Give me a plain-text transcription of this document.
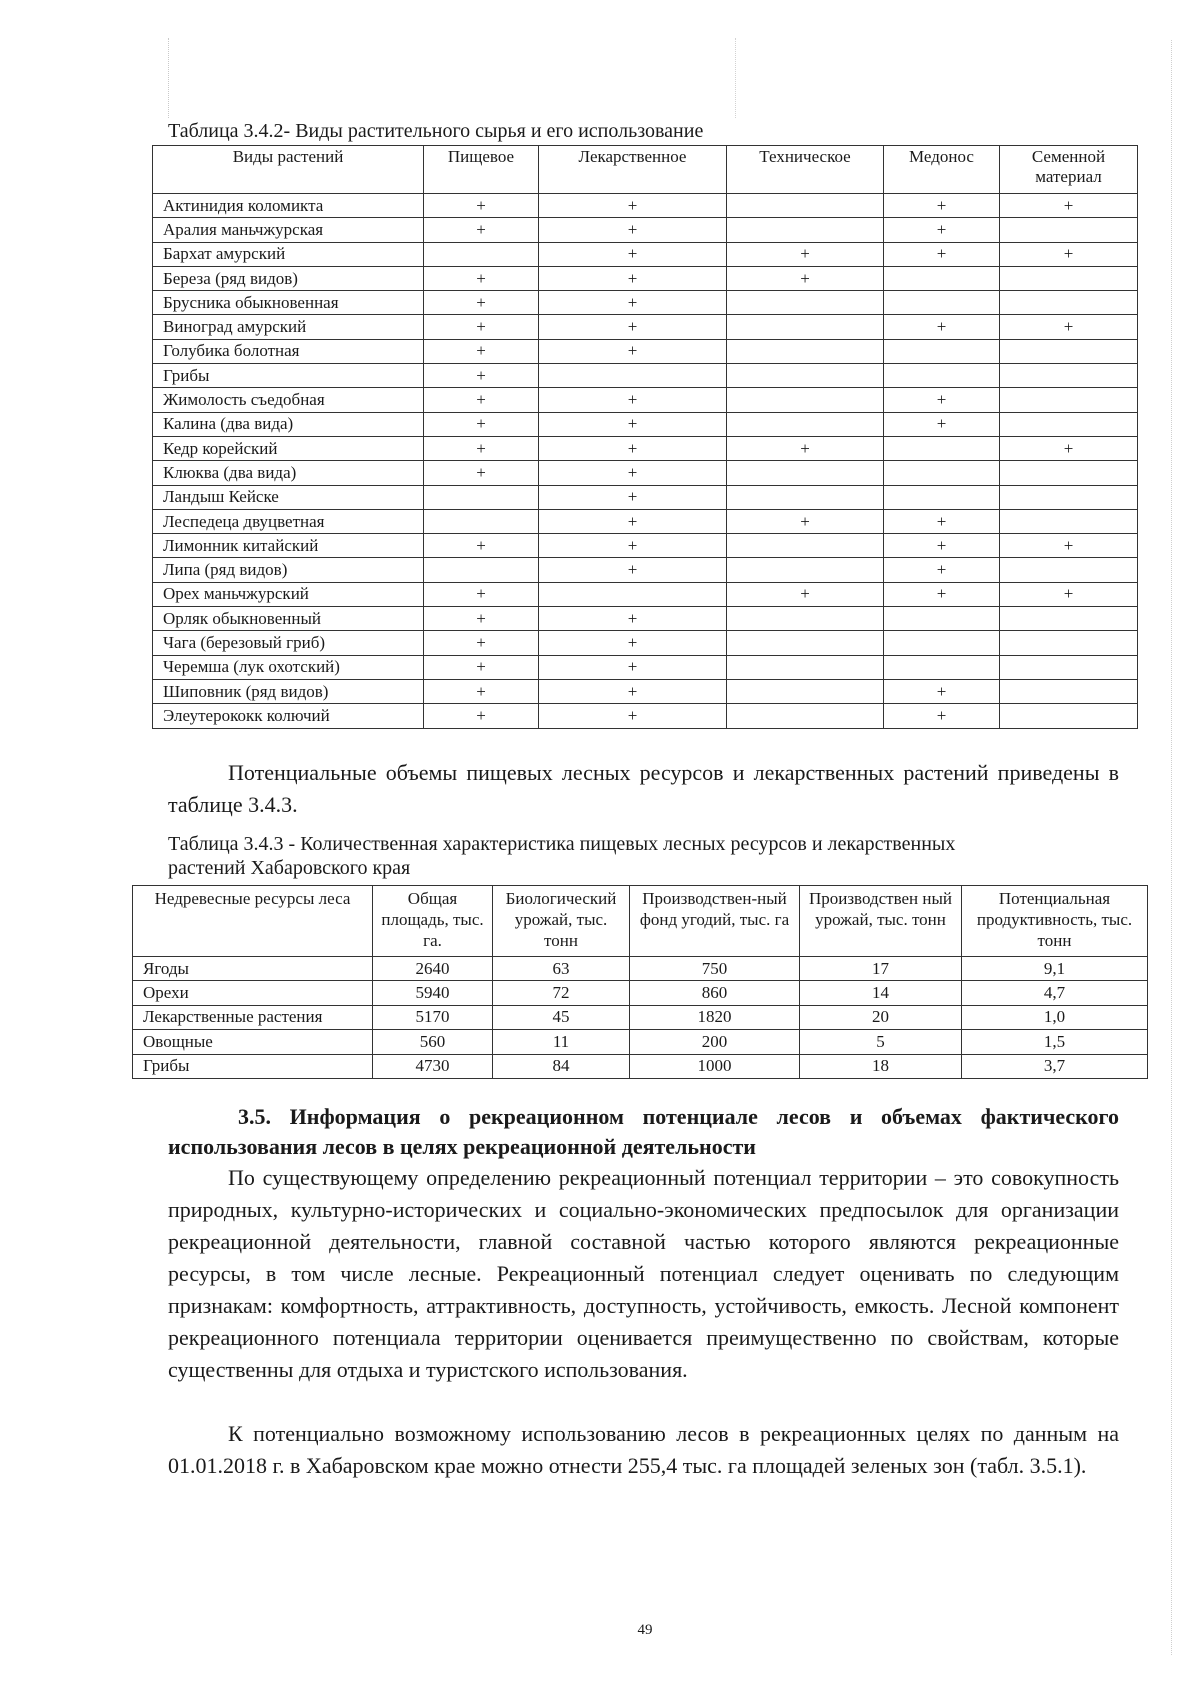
Таблица 3.4.2- Виды растительного сырья и его использование
Виды растений	Пищевое	Лекарственное	Техническое	Медонос	Семенной материал
Актинидия коломикта	+	+		+	+
Аралия маньчжурская	+	+		+	
Бархат амурский		+	+	+	+
Береза (ряд видов)	+	+	+		
Брусника обыкновенная	+	+			
Виноград амурский	+	+		+	+
Голубика болотная	+	+			
Грибы	+				
Жимолость съедобная	+	+		+	
Калина (два вида)	+	+		+	
Кедр корейский	+	+	+		+
Клюква (два вида)	+	+			
Ландыш Кейске		+			
Леспедеца двуцветная		+	+	+	
Лимонник китайский	+	+		+	+
Липа (ряд видов)		+		+	
Орех маньчжурский	+		+	+	+
Орляк обыкновенный	+	+			
Чага (березовый гриб)	+	+			
Черемша (лук охотский)	+	+			
Шиповник (ряд видов)	+	+		+	
Элеутерококк колючий	+	+		+	
Потенциальные объемы пищевых лесных ресурсов и лекарственных растений приведены в таблице 3.4.3.
Таблица 3.4.3 - Количественная характеристика пищевых лесных ресурсов и лекарственных
растений Хабаровского края
Недревесные ресурсы леса	Общая площадь, тыс. га.	Биологический урожай, тыс. тонн	Производствен-ный фонд угодий, тыс. га	Производствен ный урожай, тыс. тонн	Потенциальная продуктивность, тыс. тонн
Ягоды	2640	63	750	17	9,1
Орехи	5940	72	860	14	4,7
Лекарственные растения	5170	45	1820	20	1,0
Овощные	560	11	200	5	1,5
Грибы	4730	84	1000	18	3,7
3.5. Информация о рекреационном потенциале лесов и объемах фактического использования лесов в целях рекреационной деятельности
По существующему определению рекреационный потенциал территории – это совокупность природных, культурно-исторических и социально-экономических предпосылок для организации рекреационной деятельности, главной составной частью которого являются рекреационные ресурсы, в том числе лесные. Рекреационный потенциал следует оценивать по следующим признакам: комфортность, аттрактивность, доступность, устойчивость, емкость. Лесной компонент рекреационного потенциала территории оценивается преимущественно по свойствам, которые существенны для отдыха и туристского использования.
К потенциально возможному использованию лесов в рекреационных целях по данным на 01.01.2018 г. в Хабаровском крае можно отнести 255,4 тыс. га площадей зеленых зон (табл. 3.5.1).
49
